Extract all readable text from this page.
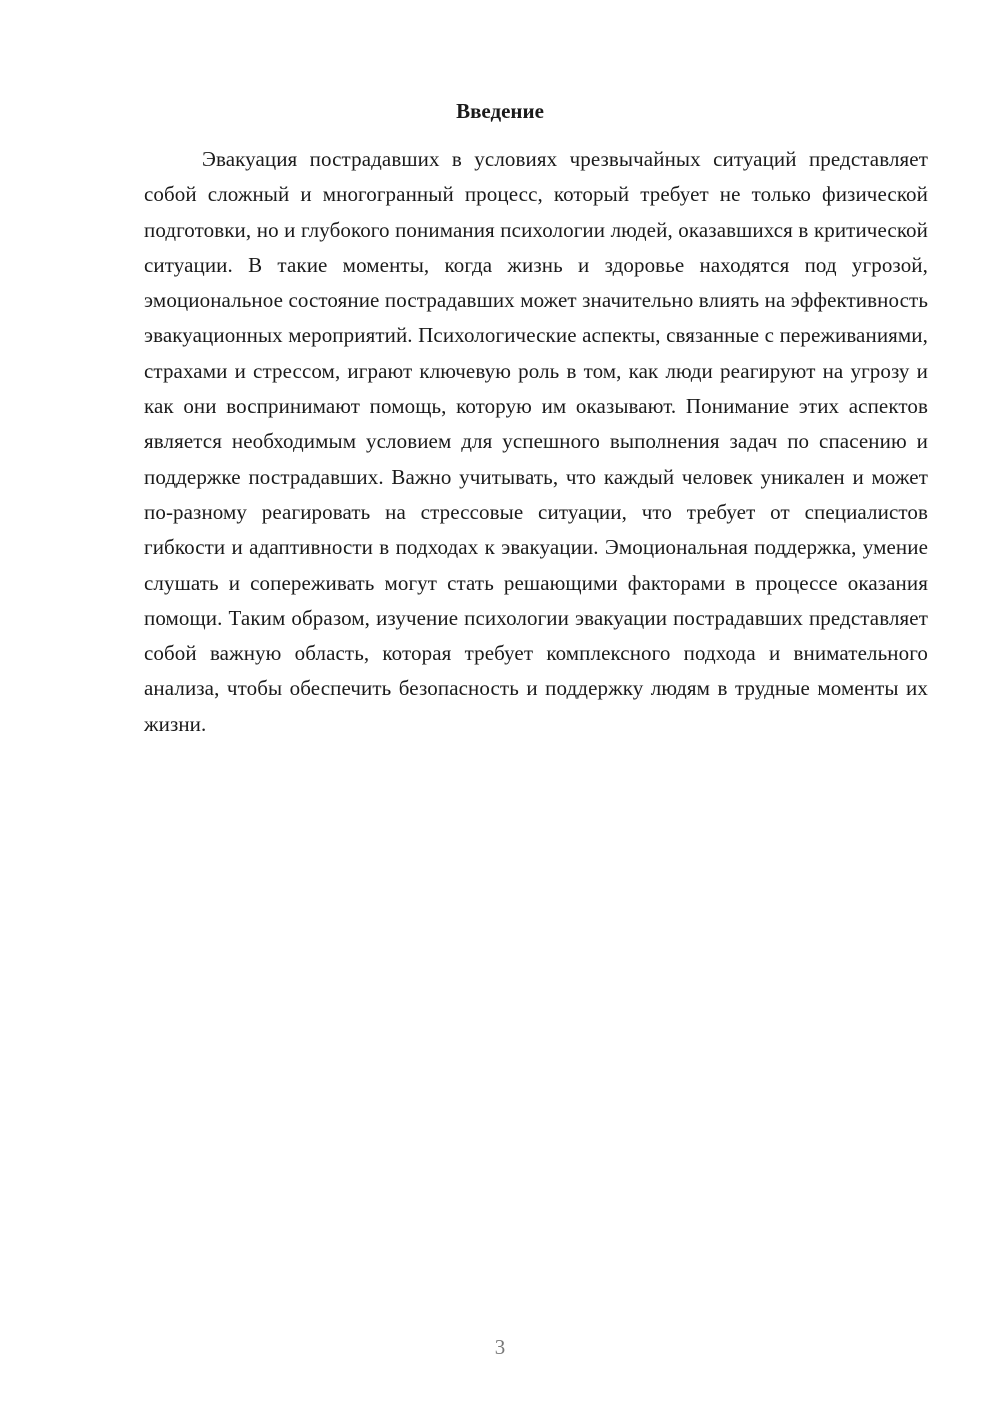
Введение

Эвакуация пострадавших в условиях чрезвычайных ситуаций представляет собой сложный и многогранный процесс, который требует не только физической подготовки, но и глубокого понимания психологии людей, оказавшихся в критической ситуации. В такие моменты, когда жизнь и здоровье находятся под угрозой, эмоциональное состояние пострадавших может значительно влиять на эффективность эвакуационных мероприятий. Психологические аспекты, связанные с переживаниями, страхами и стрессом, играют ключевую роль в том, как люди реагируют на угрозу и как они воспринимают помощь, которую им оказывают. Понимание этих аспектов является необходимым условием для успешного выполнения задач по спасению и поддержке пострадавших. Важно учитывать, что каждый человек уникален и может по-разному реагировать на стрессовые ситуации, что требует от специалистов гибкости и адаптивности в подходах к эвакуации. Эмоциональная поддержка, умение слушать и сопереживать могут стать решающими факторами в процессе оказания помощи. Таким образом, изучение психологии эвакуации пострадавших представляет собой важную область, которая требует комплексного подхода и внимательного анализа, чтобы обеспечить безопасность и поддержку людям в трудные моменты их жизни.

3
